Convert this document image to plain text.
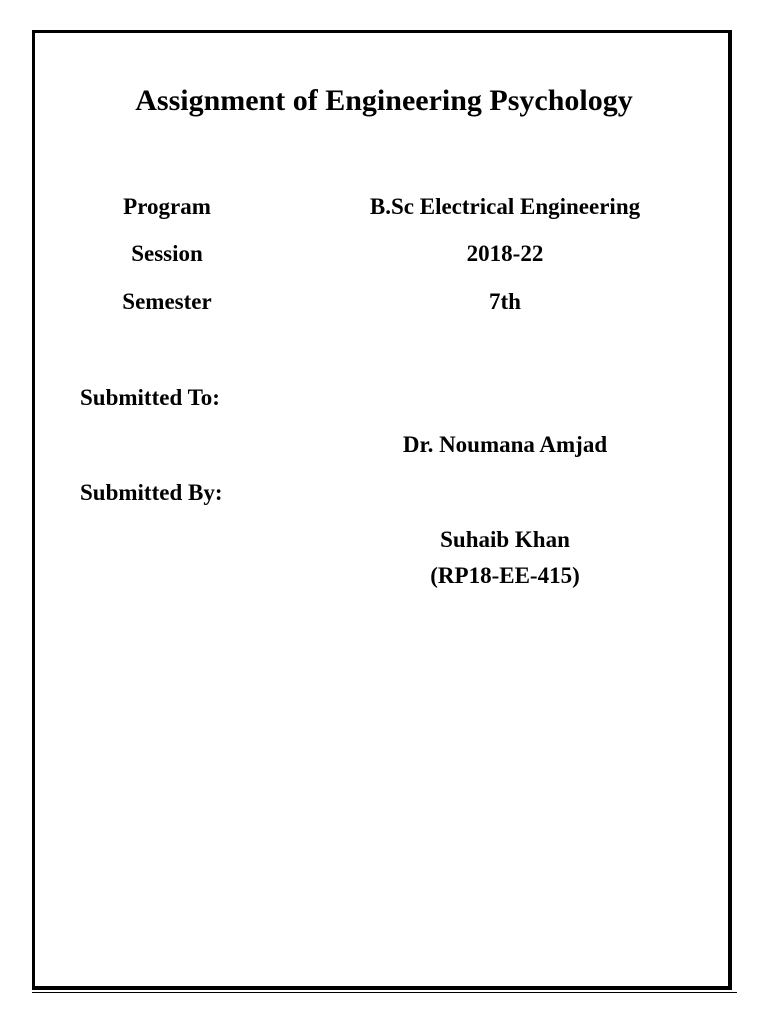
Assignment of Engineering Psychology
Program	B.Sc Electrical Engineering
Session	2018-22
Semester	7th
Submitted To:
Dr. Noumana Amjad
Submitted By:
Suhaib Khan
(RP18-EE-415)
